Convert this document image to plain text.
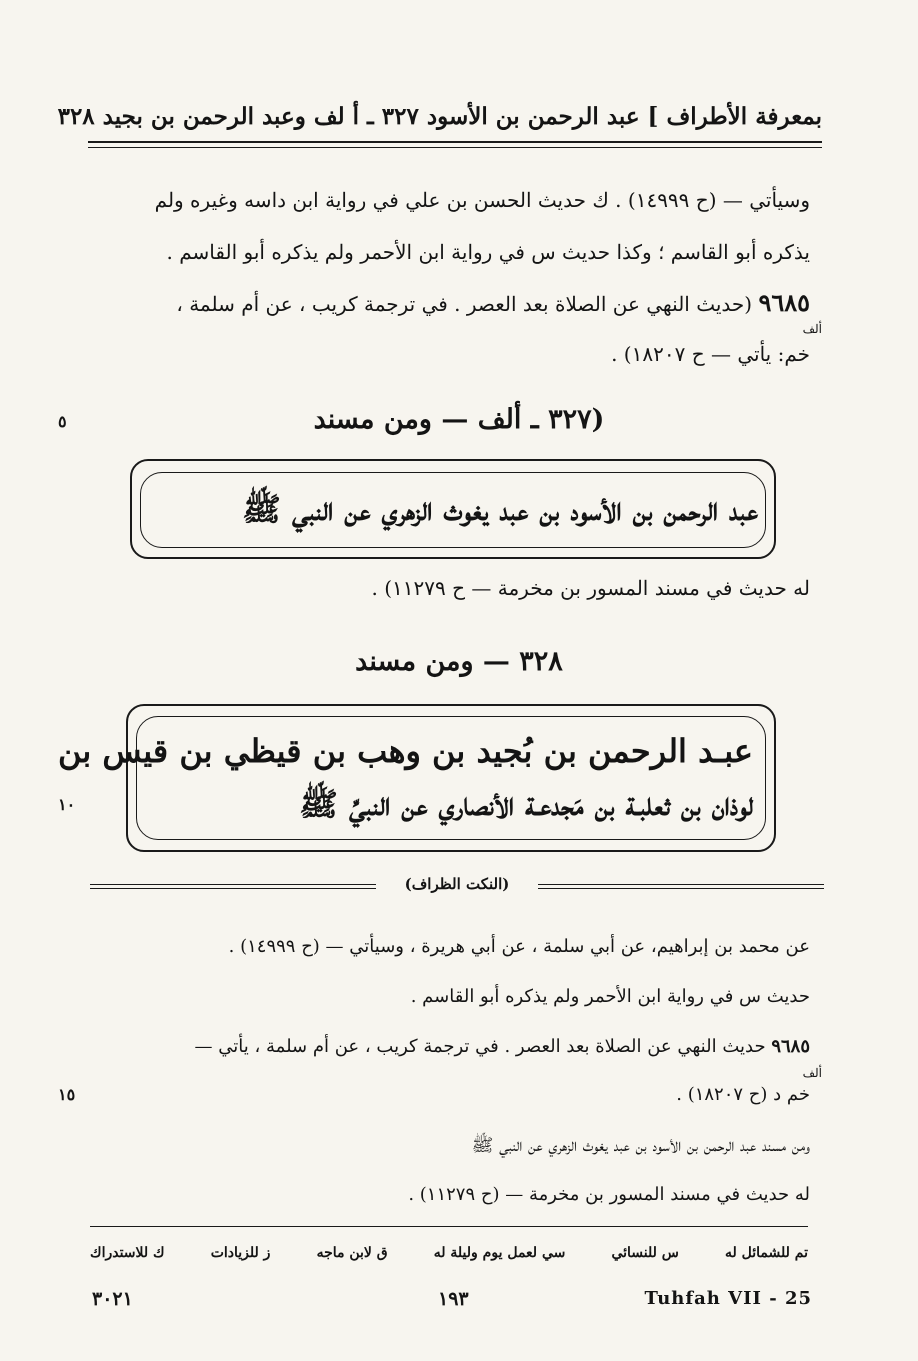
بمعرفة الأطراف ] عبد الرحمن بن الأسود ٣٢٧ ـ أ لف وعبد الرحمن بن بجيد ٣٢٨
وسيأتي — (ح ١٤٩٩٩) . ك حديث الحسن بن علي في رواية ابن داسه وغيره ولم
يذكره أبو القاسم ؛ وكذا حديث س في رواية ابن الأحمر ولم يذكره أبو القاسم .
٩٦٨٥ (حديث النهي عن الصلاة بعد العصر . في ترجمة كريب ، عن أم سلمة ،
ألف
خم: يأتي — ح ١٨٢٠٧) .
٥
١٠
١٥
(٣٢٧ ـ ألف — ومن مسند
عبد الرحمن بن الأسود بن عبد يغوث الزهري عن النبي ﷺ
له حديث في مسند المسور بن مخرمة — ح ١١٢٧٩) .
٣٢٨ — ومن مسند
عبـد الرحمن بن بُجيد بن وهب بن قيظي بن قيس بن
لوذان بن ثعلبـة بن مَجدعـة الأنصاري عن النبيِّ ﷺ
(النكت الظراف)
عن محمد بن إبراهيم، عن أبي سلمة ، عن أبي هريرة ، وسيأتي — (ح ١٤٩٩٩) .
حديث س في رواية ابن الأحمر ولم يذكره أبو القاسم .
٩٦٨٥ حديث النهي عن الصلاة بعد العصر . في ترجمة كريب ، عن أم سلمة ، يأتي —
ألف
خم د (ح ١٨٢٠٧) .
ومن مسند عبد الرحمن بن الأسود بن عبد يغوث الزهري عن النبي ﷺ
له حديث في مسند المسور بن مخرمة — (ح ١١٢٧٩) .
تم للشمائل له
س للنسائي
سي لعمل يوم وليلة له
ق لابن ماجه
ز للزيادات
ك للاستدراك
٣٠٢١	١٩٣	Tuhfah VII - 25
